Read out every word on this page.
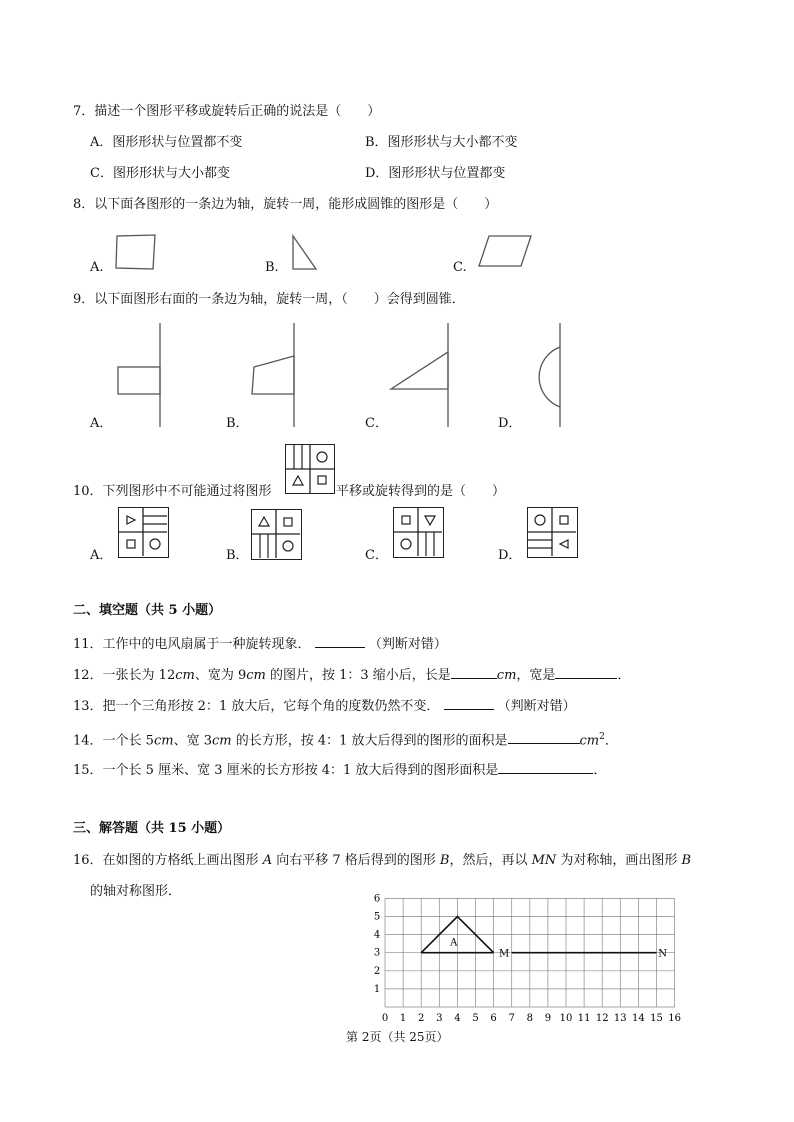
7．描述一个图形平移或旋转后正确的说法是（　　）
A．图形形状与位置都不变	B．图形形状与大小都不变
C．图形形状与大小都变	D．图形形状与位置都变
8．以下面各图形的一条边为轴，旋转一周，能形成圆锥的图形是（　　）
A.	B.	C.
9．以下面图形右面的一条边为轴，旋转一周，（　　）会得到圆锥．
A．	B．	C．	D．
10．下列图形中不可能通过将图形	平移或旋转得到的是（　　）
A．	B．	C．	D．
二、填空题（共 5 小题）
11．工作中的电风扇属于一种旋转现象．	（判断对错）
12．一张长为 12cm、宽为 9cm 的图片，按 1：3 缩小后，长是	cm，宽是	．
13．把一个三角形按 2：1 放大后，它每个角的度数仍然不变．	（判断对错）
14．一个长 5cm、宽 3cm 的长方形，按 4：1 放大后得到的图形的面积是	$cm^2$．
15．一个长 5 厘米、宽 3 厘米的长方形按 4：1 放大后得到的图形面积是	．
三、解答题（共 15 小题）
16．在如图的方格纸上画出图形 A 向右平移 7 格后得到的图形 B，然后，再以 MN 为对称轴，画出图形 B
的轴对称图形．
0 1 2 3 4 5 6 7 8 9 10 11 12 13 14 15 16
1
2
3
4
5
6
A
M	N
第 2页（共 25页）
